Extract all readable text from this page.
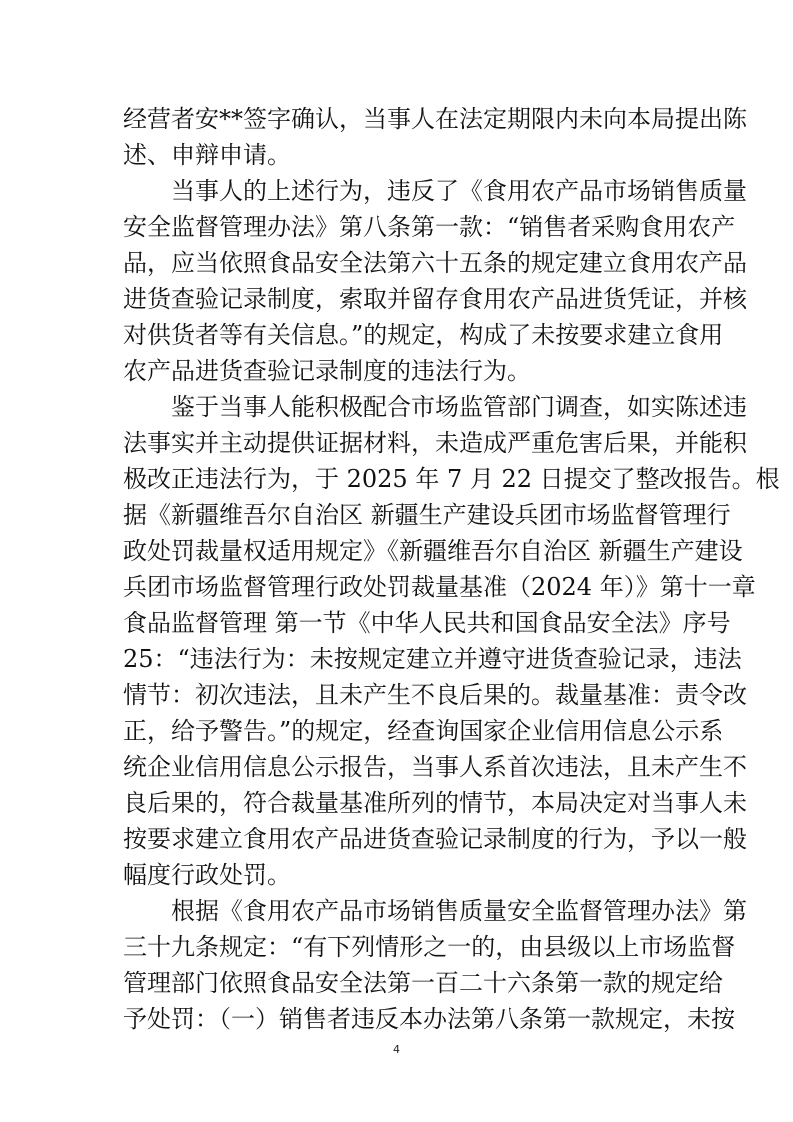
经营者安**签字确认，当事人在法定期限内未向本局提出陈
述、申辩申请。
当事人的上述行为，违反了《食用农产品市场销售质量
安全监督管理办法》第八条第一款：“销售者采购食用农产
品，应当依照食品安全法第六十五条的规定建立食用农产品
进货查验记录制度，索取并留存食用农产品进货凭证，并核
对供货者等有关信息。”的规定，构成了未按要求建立食用
农产品进货查验记录制度的违法行为。
鉴于当事人能积极配合市场监管部门调查，如实陈述违
法事实并主动提供证据材料，未造成严重危害后果，并能积
极改正违法行为，于 2025 年 7 月 22 日提交了整改报告。根
据《新疆维吾尔自治区 新疆生产建设兵团市场监督管理行
政处罚裁量权适用规定》《新疆维吾尔自治区 新疆生产建设
兵团市场监督管理行政处罚裁量基准（2024 年）》第十一章
食品监督管理 第一节《中华人民共和国食品安全法》序号
25：“违法行为：未按规定建立并遵守进货查验记录，违法
情节：初次违法，且未产生不良后果的。裁量基准：责令改
正，给予警告。”的规定，经查询国家企业信用信息公示系
统企业信用信息公示报告，当事人系首次违法，且未产生不
良后果的，符合裁量基准所列的情节，本局决定对当事人未
按要求建立食用农产品进货查验记录制度的行为，予以一般
幅度行政处罚。
根据《食用农产品市场销售质量安全监督管理办法》第
三十九条规定：“有下列情形之一的，由县级以上市场监督
管理部门依照食品安全法第一百二十六条第一款的规定给
予处罚：（一）销售者违反本办法第八条第一款规定，未按
4
